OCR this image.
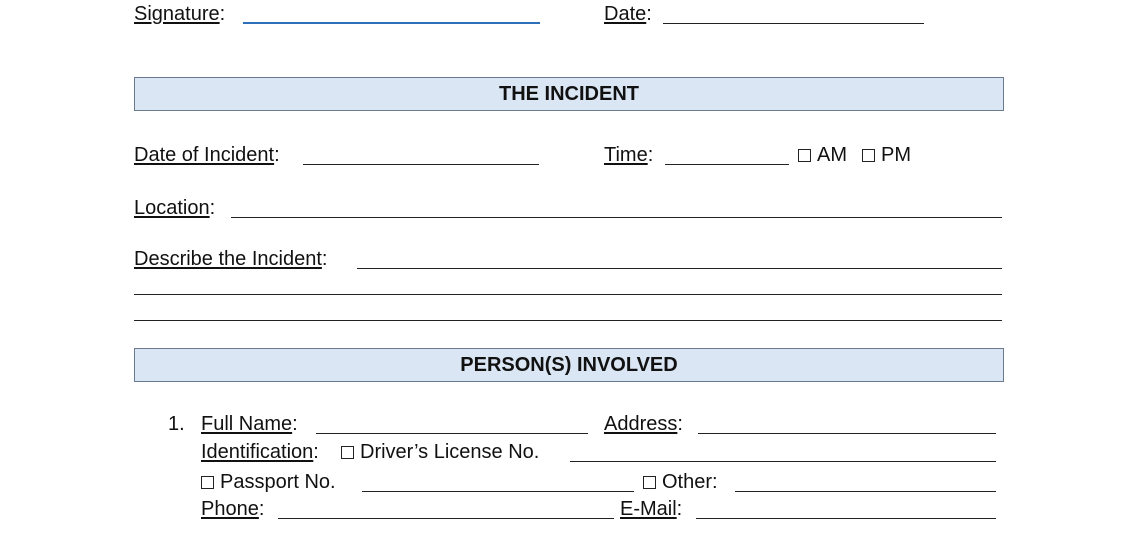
Signature:	Date:
THE INCIDENT
Date of Incident:	Time:	AM	PM
Location:
Describe the Incident:
PERSON(S) INVOLVED
1. Full Name:	Address:
Identification:	Driver’s License No.
Passport No.	Other:
Phone:	E-Mail:
